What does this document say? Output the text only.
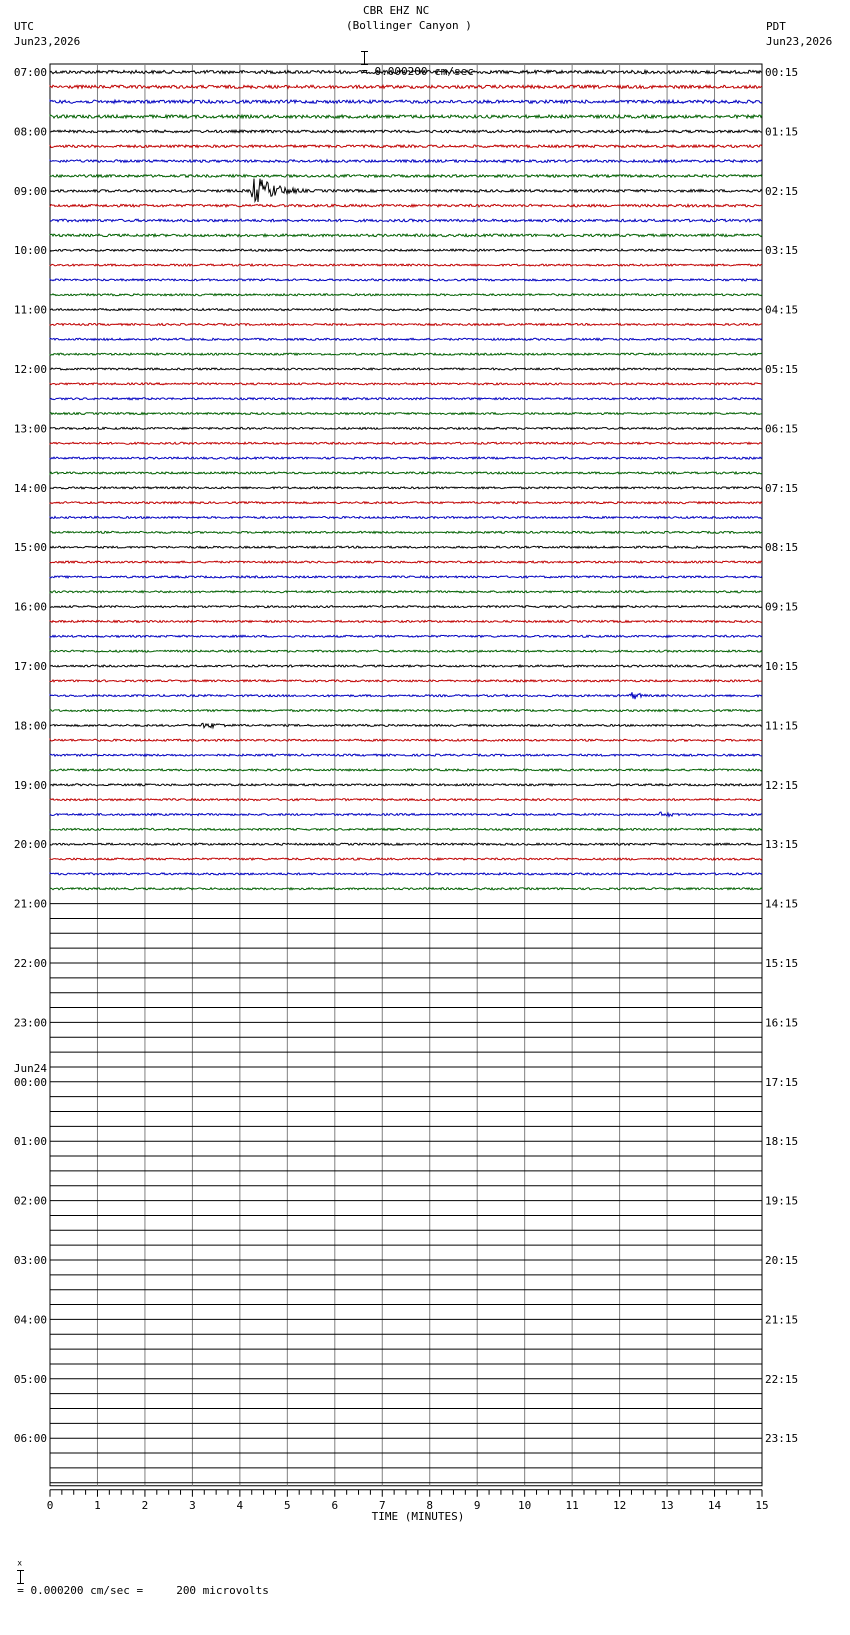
CBR EHZ NC
(Bollinger Canyon )

= 0.000200 cm/sec

UTC
Jun23,2026
PDT
Jun23,2026
07:00
08:00
09:00
10:00
11:00
12:00
13:00
14:00
15:00
16:00
17:00
18:00
19:00
20:00
21:00
22:00
23:00
00:00
Jun24
01:00
02:00
03:00
04:00
05:00
06:00
00:15
01:15
02:15
03:15
04:15
05:15
06:15
07:15
08:15
09:15
10:15
11:15
12:15
13:15
14:15
15:15
16:15
17:15
18:15
19:15
20:15
21:15
22:15
23:15
0	1	2	3	4	5	6	7	8	9	10	11	12	13	14	15
TIME (MINUTES)

x

= 0.000200 cm/sec =     200 microvolts
